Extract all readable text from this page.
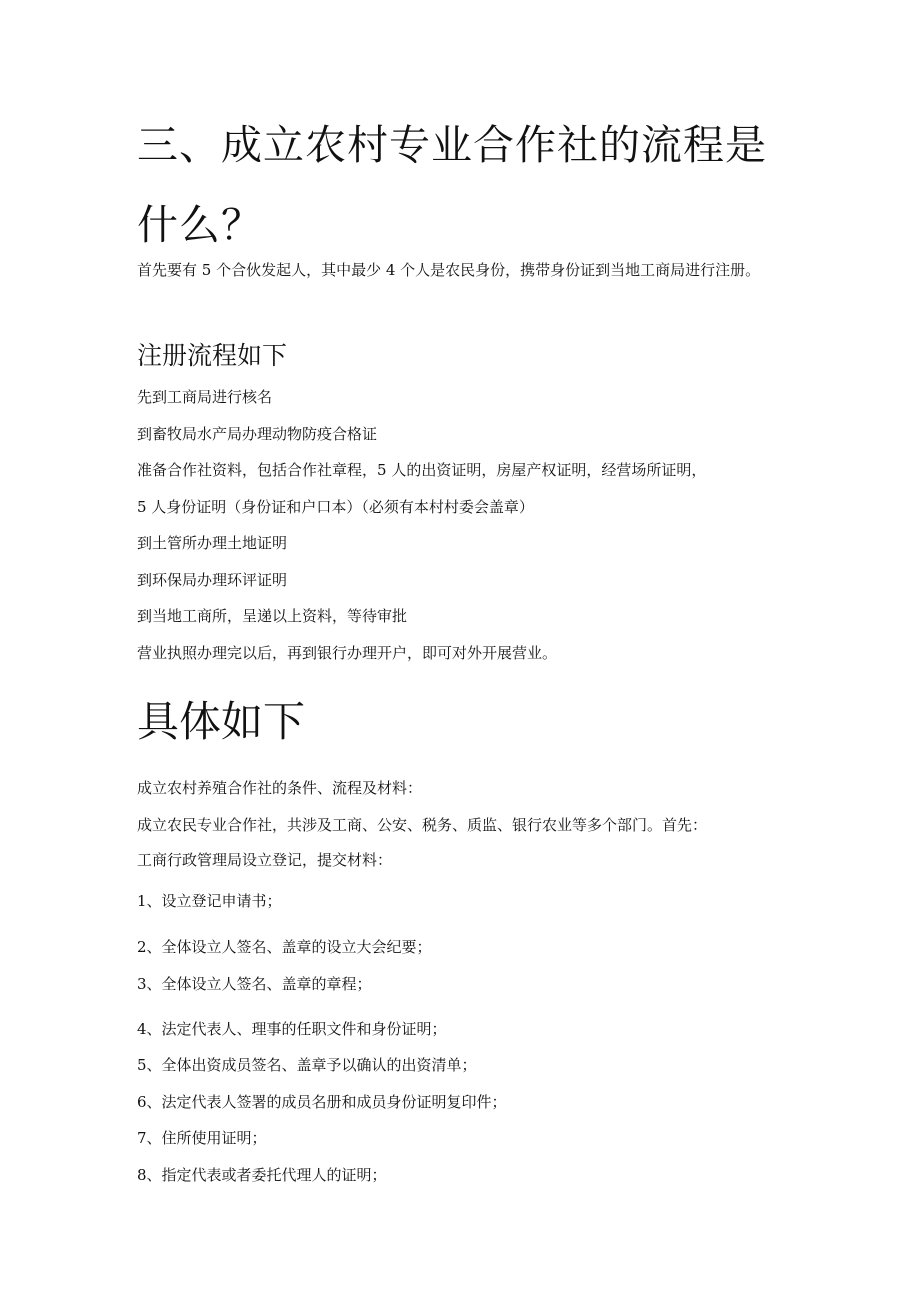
三、成立农村专业合作社的流程是什么？

首先要有 5 个合伙发起人，其中最少 4 个人是农民身份，携带身份证到当地工商局进行注册。

注册流程如下

先到工商局进行核名

到畜牧局水产局办理动物防疫合格证

准备合作社资料，包括合作社章程，5 人的出资证明，房屋产权证明，经营场所证明，

5 人身份证明（身份证和户口本）（必须有本村村委会盖章）

到土管所办理土地证明

到环保局办理环评证明

到当地工商所，呈递以上资料，等待审批

营业执照办理完以后，再到银行办理开户，即可对外开展营业。

具体如下

成立农村养殖合作社的条件、流程及材料：

成立农民专业合作社，共涉及工商、公安、税务、质监、银行农业等多个部门。首先：

工商行政管理局设立登记，提交材料：

1、设立登记申请书；

2、全体设立人签名、盖章的设立大会纪要；

3、全体设立人签名、盖章的章程；

4、法定代表人、理事的任职文件和身份证明；

5、全体出资成员签名、盖章予以确认的出资清单；

6、法定代表人签署的成员名册和成员身份证明复印件；

7、住所使用证明；

8、指定代表或者委托代理人的证明；
